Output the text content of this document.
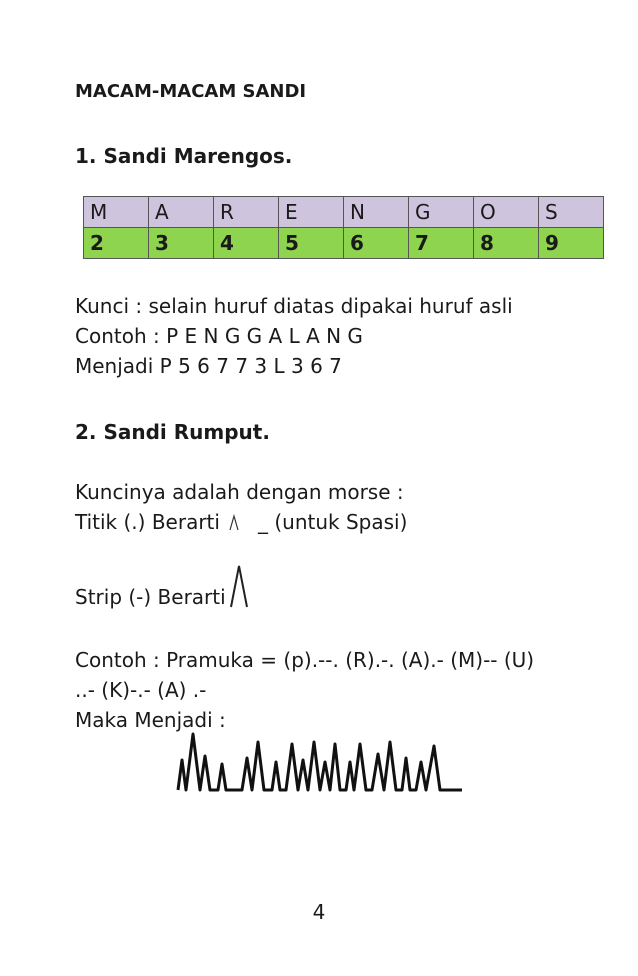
MACAM-MACAM SANDI
1. Sandi Marengos.
M	A	R	E	N	G	O	S
2	3	4	5	6	7	8	9
Kunci : selain huruf diatas dipakai huruf asli
Contoh : P E N G G A L A N G
Menjadi P 5 6 7 7 3 L 3 6 7
2. Sandi Rumput.
Kuncinya adalah dengan morse :
Titik (.) Berarti _ (untuk Spasi)
Strip (-) Berarti
Contoh : Pramuka = (p).--. (R).-. (A).- (M)-- (U)
..- (K)-.- (A) .-
Maka Menjadi :
4
